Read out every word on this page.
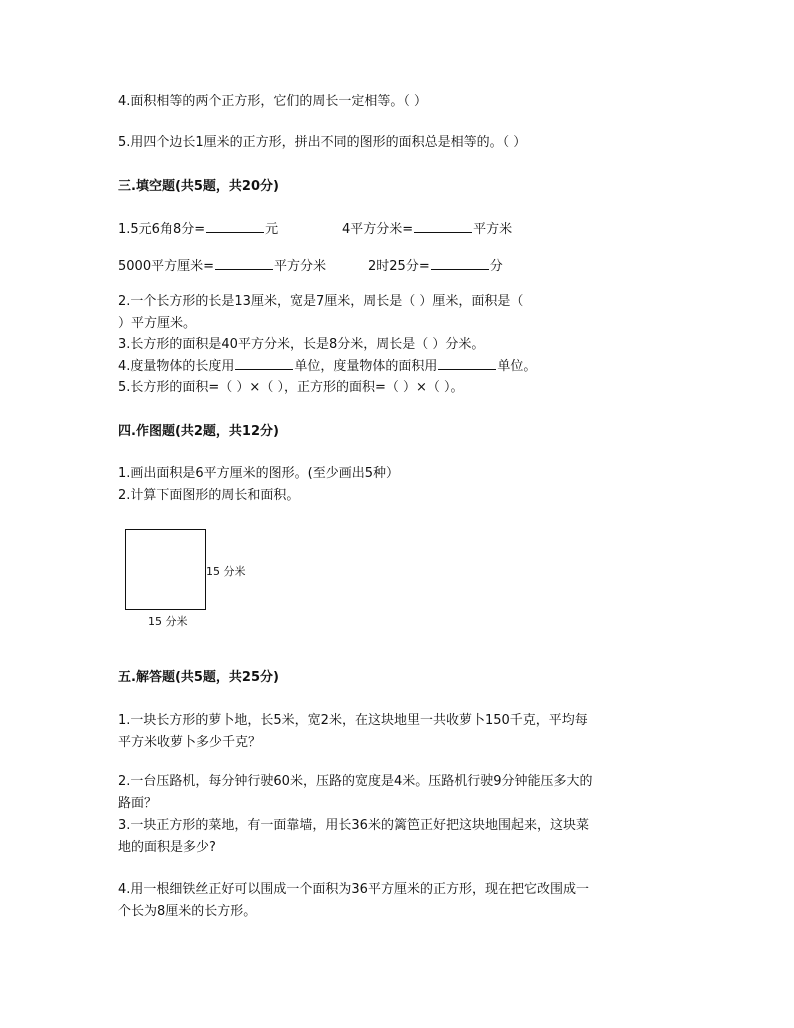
4.面积相等的两个正方形，它们的周长一定相等。（ ）
5.用四个边长1厘米的正方形，拼出不同的图形的面积总是相等的。（ ）
三.填空题(共5题，共20分)
1.5元6角8分=	元	4平方分米=	平方米
5000平方厘米=	平方分米	2时25分=	分
2.一个长方形的长是13厘米，宽是7厘米，周长是（ ）厘米，面积是（
）平方厘米。
3.长方形的面积是40平方分米，长是8分米，周长是（ ）分米。
4.度量物体的长度用	单位，度量物体的面积用	单位。
5.长方形的面积=（ ）×（ ），正方形的面积=（ ）×（ ）。
四.作图题(共2题，共12分)
1.画出面积是6平方厘米的图形。(至少画出5种）
2.计算下面图形的周长和面积。
15 分米
15 分米
五.解答题(共5题，共25分)
1.一块长方形的萝卜地，长5米，宽2米，在这块地里一共收萝卜150千克，平均每
平方米收萝卜多少千克？
2.一台压路机，每分钟行驶60米，压路的宽度是4米。压路机行驶9分钟能压多大的
路面？
3.一块正方形的菜地，有一面靠墙，用长36米的篱笆正好把这块地围起来，这块菜
地的面积是多少?
4.用一根细铁丝正好可以围成一个面积为36平方厘米的正方形，现在把它改围成一
个长为8厘米的长方形。
